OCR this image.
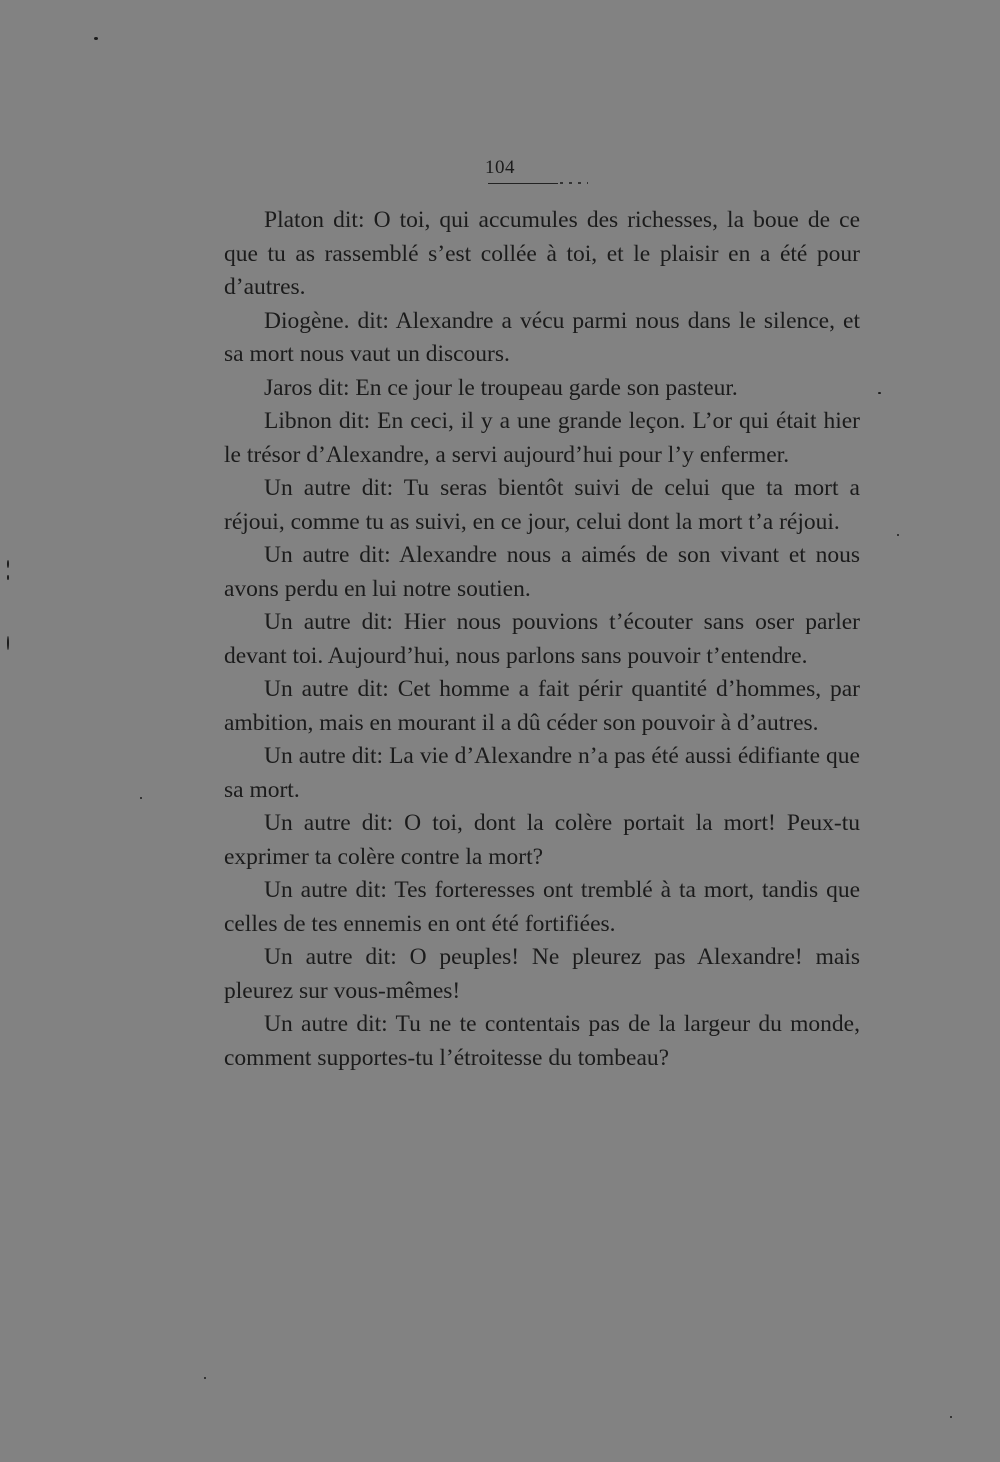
104

Platon dit: O toi, qui accumules des richesses, la boue de ce que tu as rassemblé s’est collée à toi, et le plaisir en a été pour d’autres.

Diogène. dit: Alexandre a vécu parmi nous dans le silence, et sa mort nous vaut un discours.

Jaros dit: En ce jour le troupeau garde son pasteur.

Libnon dit: En ceci, il y a une grande leçon. L’or qui était hier le trésor d’Alexandre, a servi aujourd’hui pour l’y enfermer.

Un autre dit: Tu seras bientôt suivi de celui que ta mort a réjoui, comme tu as suivi, en ce jour, celui dont la mort t’a réjoui.

Un autre dit: Alexandre nous a aimés de son vivant et nous avons perdu en lui notre soutien.

Un autre dit: Hier nous pouvions t’écouter sans oser parler devant toi. Aujourd’hui, nous parlons sans pouvoir t’entendre.

Un autre dit: Cet homme a fait périr quantité d’hommes, par ambition, mais en mourant il a dû céder son pouvoir à d’autres.

Un autre dit: La vie d’Alexandre n’a pas été aussi édifiante que sa mort.

Un autre dit: O toi, dont la colère portait la mort! Peux-tu exprimer ta colère contre la mort?

Un autre dit: Tes forteresses ont tremblé à ta mort, tandis que celles de tes ennemis en ont été fortifiées.

Un autre dit: O peuples! Ne pleurez pas Alexandre! mais pleurez sur vous-mêmes!

Un autre dit: Tu ne te contentais pas de la largeur du monde, comment supportes-tu l’étroitesse du tombeau?
